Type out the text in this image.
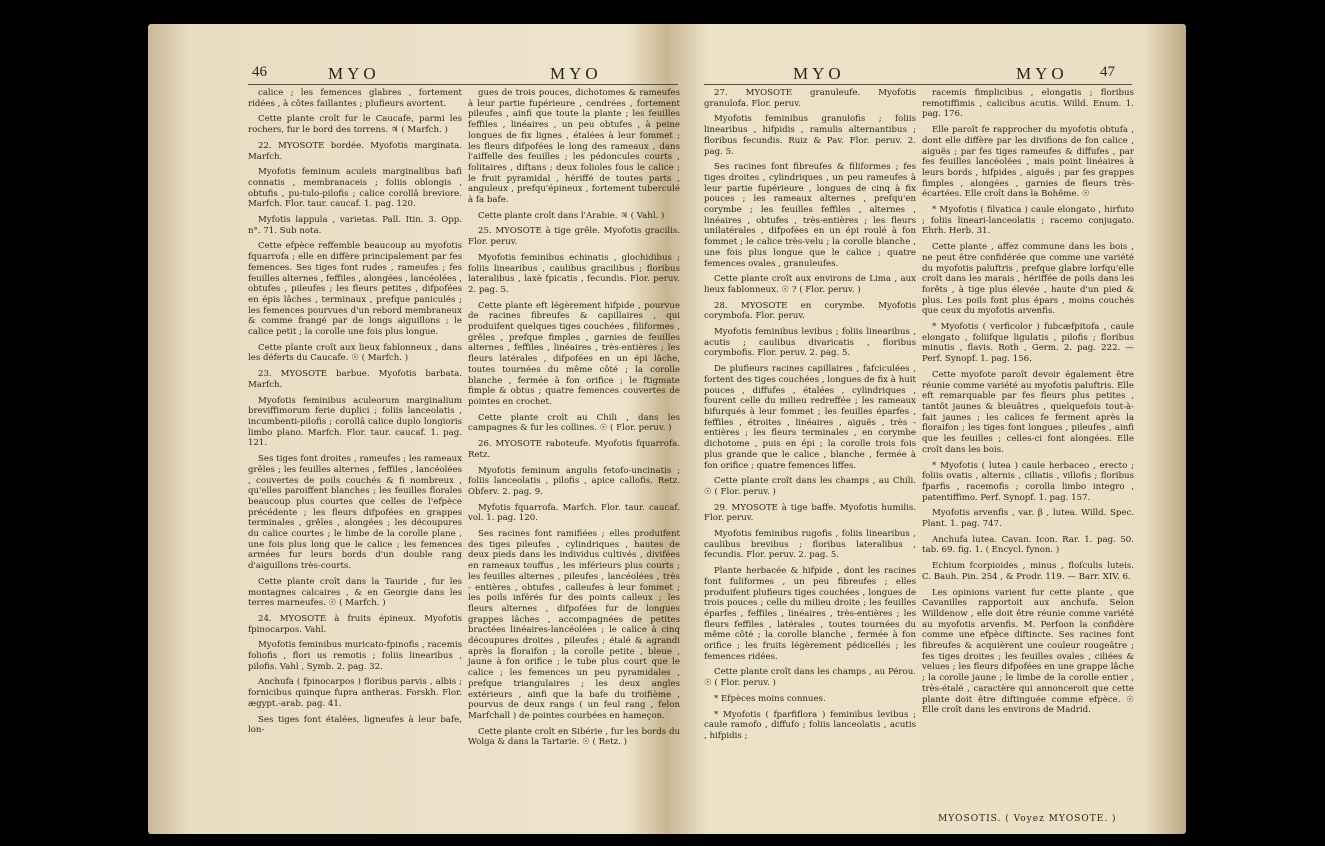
46	MYO	MYO

calice ; les femences glabres , fortement ridées , à côtes faillantes ; plufieurs avortent.

Cette plante croît fur le Caucafe, parmi les rochers, fur le bord des torrens. ♃ ( Marfch. )

22. MYOSOTE bordée. Myofotis marginata. Marfch.

Myofotis feminum aculeis marginalibus bafi connatis , membranaceis ; foliis oblongis , obtufis , pu-tulo-pilofis ; calice corollâ breviore. Marfch. Flor. taur. caucaf. 1. pag. 120.

Myfotis lappula , varietas. Pall. Itin. 3. Opp. n°. 71. Sub nota.

Cette efpèce reffemble beaucoup au myofotis fquarrofa ; elle en diffère principalement par fes femences. Ses tiges font rudes , rameufes ; fes feuilles alternes , feffiles , alongées , lancéolées , obtufes , pileufes ; les fleurs petites , difpofées en épis lâches , terminaux , prefque paniculés ; les femences pourvues d'un rebord membraneux & comme frangé par de longs aiguillons ; le calice petit ; la corolle une fois plus longue.

Cette plante croît aux lieux fablonneux , dans les déferts du Caucafe. ☉ ( Marfch. )

23. MYOSOTE barbue. Myofotis barbata. Marfch.

Myofotis feminibus aculeorum marginalium breviffimorum ferie duplici ; foliis lanceolatis , incumbenti-pilofis ; corollâ calice duplo longioris limbo plano. Marfch. Flor. taur. caucaf. 1. pag. 121.

Ses tiges font droites , rameufes ; les rameaux grêles ; les feuilles alternes , feffiles , lancéolées , couvertes de poils couchés & fi nombreux , qu'elles paroiffent blanches ; les feuilles florales beaucoup plus courtes que celles de l'efpèce précédente ; les fleurs difpofées en grappes terminales , grêles , alongées ; les découpures du calice courtes ; le limbe de la corolle plane , une fois plus long que le calice ; les femences armées fur leurs bords d'un double rang d'aiguillons très-courts.

Cette plante croît dans la Tauride , fur les montagnes calcaires , & en Georgie dans les terres marneufes. ☉ ( Marfch. )

24. MYOSOTE à fruits épineux. Myofotis fpinocarpos. Vahl.

Myofotis feminibus muricato-fpinofis , racemis foliofis , flori us remotis ; foliis linearibus , pilofis. Vahl , Symb. 2. pag. 32.

Anchufa ( fpinocarpos ) floribus parvis , albis ; fornicibus quinque fupra antheras. Forskh. Flor. ægypt.-arab. pag. 41.

Ses tiges font étalées, ligneufes à leur bafe, lon-

gues de trois pouces, dichotomes & rameufes à leur partie fupérieure , cendrées , fortement pileufes , ainfi que toute la plante ; les feuilles feffiles , linéaires , un peu obtufes , à peine longues de fix lignes , étalées à leur fommet ; les fleurs difpofées le long des rameaux , dans l'aiffelle des feuilles ; les pédoncules courts , folitaires , diftans ; deux folioles fous le calice ; le fruit pyramidal , hériffé de toutes parts , anguleux , prefqu'épineux , fortement tuberculé à fa bafe.

Cette plante croît dans l'Arabie. ♃ ( Vahl. )

25. MYOSOTE à tige grêle. Myofotis gracilis. Flor. peruv.

Myofotis feminibus echinatis , glochidibus ; foliis linearibus , caulibus gracilibus ; floribus lateralibus , laxè fpicatis , fecundis. Flor. peruv. 2. pag. 5.

Cette plante eft légèrement hifpide , pourvue de racines fibreufes & capillaires , qui produifent quelques tiges couchées , filiformes , grêles , prefque fimples , garnies de feuilles alternes , feffiles , linéaires , très-entières ; les fleurs latérales , difpofées en un épi lâche, toutes tournées du même côté ; la corolle blanche , fermée à fon orifice ; le ftigmate fimple & obtus ; quatre femences couvertes de pointes en crochet.

Cette plante croît au Chili , dans les campagnes & fur les collines. ☉ ( Flor. peruv. )

26. MYOSOTE raboteufe. Myofotis fquarrofa. Retz.

Myofotis feminum angulis fetofo-uncinatis ; foliis lanceolatis , pilofis , apice callofis. Retz. Obferv. 2. pag. 9.

Myfotis fquarrofa. Marfch. Flor. taur. caucaf. vol. 1. pag. 120.

Ses racines font ramifiées ; elles produifent des tiges pileufes , cylindriques , hautes de deux pieds dans les individus cultivés , divifées en rameaux touffus , les inférieurs plus courts ; les feuilles alternes , pileufes , lancéolées , très - entières , obtufes , calleufes à leur fommet ; les poils inférés fur des points calleux ; les fleurs alternes , difpofées fur de longues grappes lâches , accompagnées de petites bractées linéaires-lancéolées ; le calice à cinq découpures droites , pileufes ; étalé & agrandi après la floraifon ; la corolle petite , bleue , jaune à fon orifice ; le tube plus court que le calice ; les femences un peu pyramidales , prefque triangulaires ; les deux angles extérieurs , ainfi que la bafe du troifième , pourvus de deux rangs ( un feul rang , felon Marfchall ) de pointes courbées en hameçon.

Cette plante croît en Sibérie , fur les bords du Wolga & dans la Tartarie. ☉ ( Retz. )

MYO	MYO 47

27. MYOSOTE granuleufe. Myofotis granulofa. Flor. peruv.

Myofotis feminibus granulofis ; foliis linearibus , hifpidis , ramulis alternantibus ; floribus fecundis. Ruiz & Pav. Flor. peruv. 2. pag. 5.

Ses racines font fibreufes & filiformes ; fes tiges droites , cylindriques , un peu rameufes à leur partie fupérieure , longues de cinq à fix pouces ; les rameaux alternes , prefqu'en corymbe ; les feuilles feffiles , alternes , linéaires , obtufes , très-entières ; les fleurs unilatérales , difpofées en un épi roulé à fon fommet ; le calice très-velu ; la corolle blanche , une fois plus longue que le calice ; quatre femences ovales , granuleufes.

Cette plante croît aux environs de Lima , aux lieux fablonneux. ☉ ? ( Flor. peruv. )

28. MYOSOTE en corymbe. Myofotis corymbofa. Flor. peruv.

Myofotis feminibus levibus ; foliis linearibus , acutis ; caulibus divaricatis , floribus corymbofis. Flor. peruv. 2. pag. 5.

De plufieurs racines capillaires , fafciculées , fortent des tiges couchées , longues de fix à huit pouces , diffufes , étalées , cylindriques , fourent celle du milieu redreffée ; les rameaux bifurqués à leur fommet ; les feuilles éparfes , feffiles , étroites , linéaires , aiguës , très - entières ; les fleurs terminales , en corymbe dichotome , puis en épi ; la corolle trois fois plus grande que le calice , blanche , fermée à fon orifice ; quatre femences liffes.

Cette plante croît dans les champs , au Chili. ☉ ( Flor. peruv. )

29. MYOSOTE à tige baffe. Myofotis humilis. Flor. peruv.

Myofotis feminibus rugofis , foliis linearibus , caulibus brevibus ; floribus lateralibus , fecundis. Flor. peruv. 2. pag. 5.

Plante herbacée & hifpide , dont les racines font fuliformes , un peu fibreufes ; elles produifent plufieurs tiges couchées , longues de trois pouces ; celle du milieu droite ; les feuilles éparfes , feffiles , linéaires , très-entières ; les fleurs feffiles , latérales , toutes tournées du même côté ; la corolle blanche , fermée à fon orifice ; les fruits légèrement pédicellés ; les femences ridées.

Cette plante croît dans les champs , au Pérou. ☉ ( Flor. peruv. )

* Efpèces moins connues.

* Myofotis ( fparfiflora ) feminibus levibus ; caule ramofo , diffufo ; foliis lanceolatis , acutis , hifpidis ;

racemis fimplicibus , elongatis ; floribus remotiffimis , calicibus acutis. Willd. Enum. 1. pag. 176.

Elle paroît fe rapprocher du myofotis obtufa , dont elle diffère par les divifions de fon calice , aiguës ; par fes tiges rameufes & diffufes , par fes feuilles lancéolées , mais point linéaires à leurs bords , hifpides , aiguës ; par fes grappes fimples , alongées , garnies de fleurs très-écartées. Elle croît dans la Bohême. ☉

* Myofotis ( filvatica ) caule elongato , hirfuto ; foliis lineari-lanceolatis ; racemo conjugato. Ehrh. Herb. 31.

Cette plante , affez commune dans les bois , ne peut être confidérée que comme une variété du myofotis paluftris , prefque glabre lorfqu'elle croît dans les marais , hériffée de poils dans les forêts , à tige plus élevée , haute d'un pied & plus. Les poils font plus épars , moins couchés que ceux du myofotis arvenfis.

* Myofotis ( verficolor ) fubcæfpitofa , caule elongato , foliifque ligulatis , pilofis ; floribus minutis , flavis. Roth , Germ. 2. pag. 222. — Perf. Synopf. 1. pag. 156.

Cette myofote paroît devoir également être réunie comme variété au myofotis paluftris. Elle eft remarquable par fes fleurs plus petites , tantôt jaunes & bleuâtres , quelquefois tout-à-fait jaunes ; les calices fe ferment après la floraifon ; les tiges font longues , pileufes , ainfi que les feuilles ; celles-ci font alongées. Elle croît dans les bois.

* Myofotis ( lutea ) caule herbaceo , erecto ; foliis ovatis , alternis , ciliatis , villofis ; floribus fparfis , racemofis ; corolla limbo integro , patentiffimo. Perf. Synopf. 1. pag. 157.

Myofotis arvenfis , var. β , lutea. Willd. Spec. Plant. 1. pag. 747.

Anchufa lutea. Cavan. Icon. Rar. 1. pag. 50. tab. 69. fig. 1. ( Encycl. fynon. )

Echium fcorpioides , minus , floſculis luteis. C. Bauh. Pin. 254 , & Prodr. 119. — Barr. XIV. 6.

Les opinions varient fur cette plante , que Cavanilles rapportoit aux anchufa. Selon Willdenow , elle doit être réunie comme variété au myofotis arvenfis. M. Perfoon la confidère comme une efpèce diftincte. Ses racines font fibreufes & acquièrent une couleur rougeâtre ; fes tiges droites ; les feuilles ovales , ciliées & velues ; les fleurs difpofées en une grappe lâche ; la corolle jaune ; le limbe de la corolle entier , très-étalé , caractère qui annonceroit que cette plante doit être diftinguée comme efpèce. ☉ Elle croît dans les environs de Madrid.

MYOSOTIS. ( Voyez MYOSOTE. )
